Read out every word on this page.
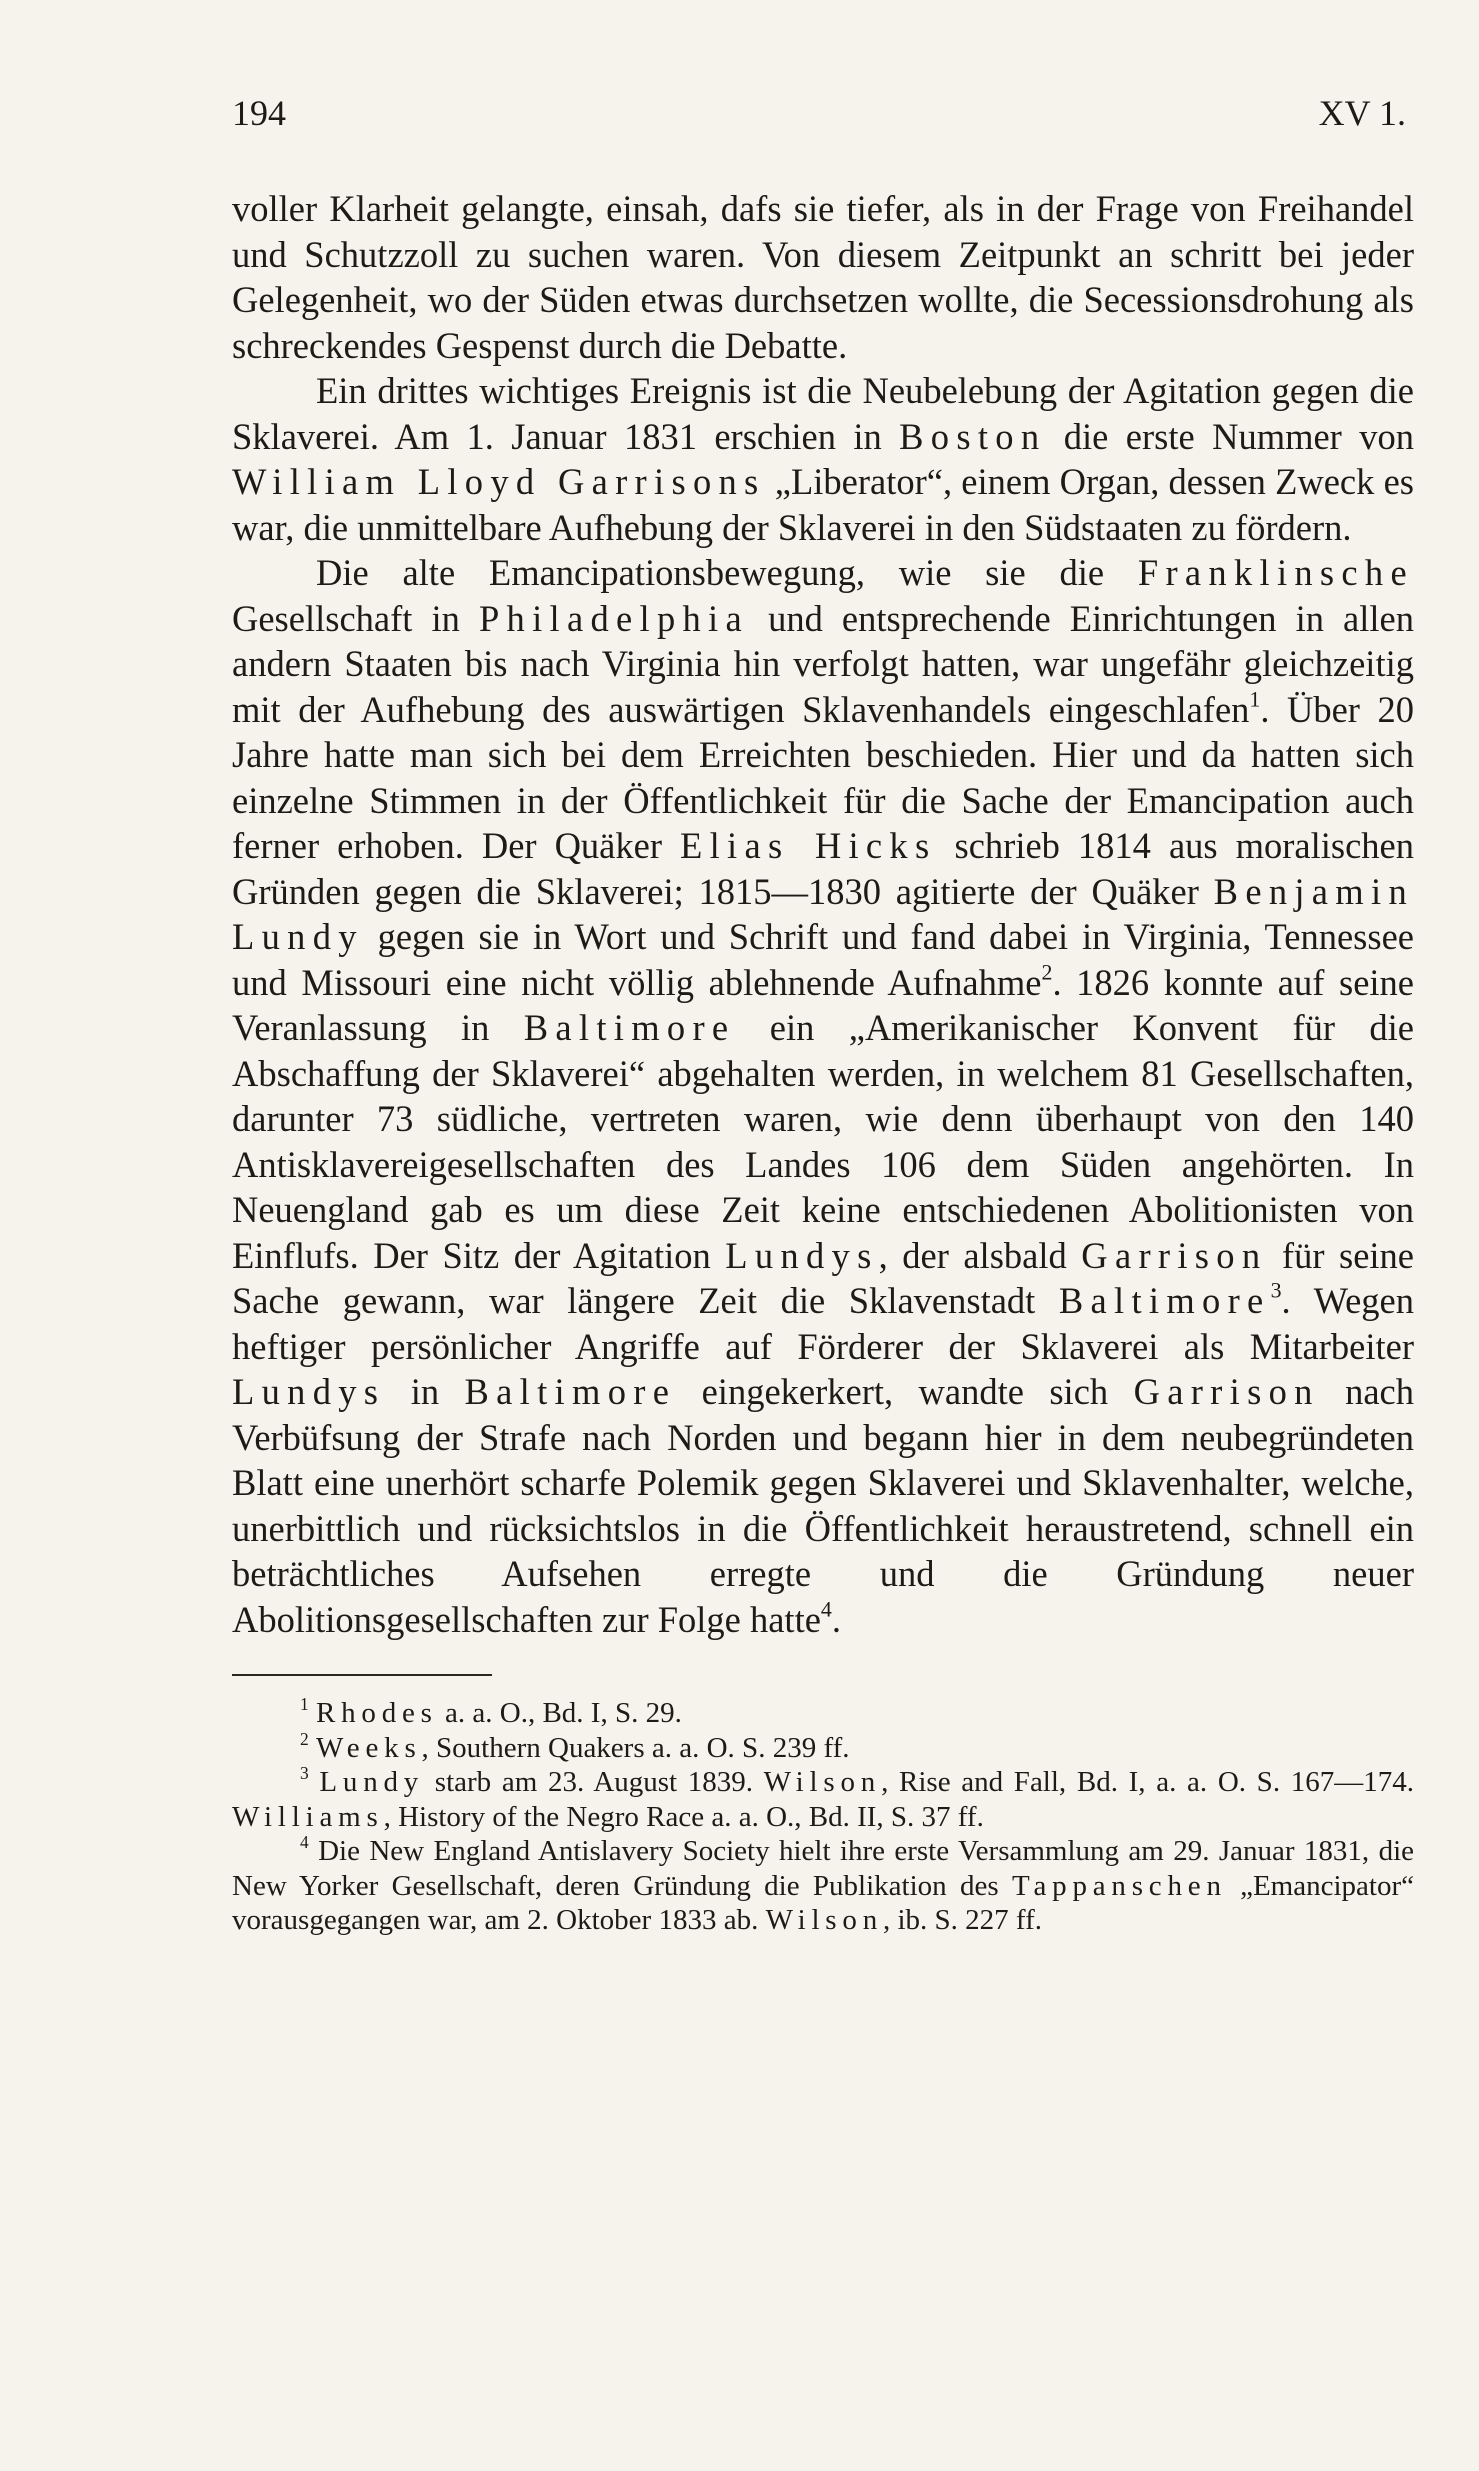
194	XV 1.

voller Klarheit gelangte, einsah, dafs sie tiefer, als in der Frage von Freihandel und Schutzzoll zu suchen waren. Von diesem Zeitpunkt an schritt bei jeder Gelegenheit, wo der Süden etwas durchsetzen wollte, die Secessionsdrohung als schreckendes Gespenst durch die Debatte.

Ein drittes wichtiges Ereignis ist die Neubelebung der Agitation gegen die Sklaverei. Am 1. Januar 1831 erschien in Boston die erste Nummer von William Lloyd Garrisons „Liberator“, einem Organ, dessen Zweck es war, die unmittelbare Aufhebung der Sklaverei in den Südstaaten zu fördern.

Die alte Emancipationsbewegung, wie sie die Franklinsche Gesellschaft in Philadelphia und entsprechende Einrichtungen in allen andern Staaten bis nach Virginia hin verfolgt hatten, war ungefähr gleichzeitig mit der Aufhebung des auswärtigen Sklavenhandels eingeschlafen$^1$. Über 20 Jahre hatte man sich bei dem Erreichten beschieden. Hier und da hatten sich einzelne Stimmen in der Öffentlichkeit für die Sache der Emancipation auch ferner erhoben. Der Quäker Elias Hicks schrieb 1814 aus moralischen Gründen gegen die Sklaverei; 1815—1830 agitierte der Quäker Benjamin Lundy gegen sie in Wort und Schrift und fand dabei in Virginia, Tennessee und Missouri eine nicht völlig ablehnende Aufnahme$^2$. 1826 konnte auf seine Veranlassung in Baltimore ein „Amerikanischer Konvent für die Abschaffung der Sklaverei“ abgehalten werden, in welchem 81 Gesellschaften, darunter 73 südliche, vertreten waren, wie denn überhaupt von den 140 Antisklavereigesellschaften des Landes 106 dem Süden angehörten. In Neuengland gab es um diese Zeit keine entschiedenen Abolitionisten von Einflufs. Der Sitz der Agitation Lundys, der alsbald Garrison für seine Sache gewann, war längere Zeit die Sklavenstadt Baltimore$^3$. Wegen heftiger persönlicher Angriffe auf Förderer der Sklaverei als Mitarbeiter Lundys in Baltimore eingekerkert, wandte sich Garrison nach Verbüfsung der Strafe nach Norden und begann hier in dem neubegründeten Blatt eine unerhört scharfe Polemik gegen Sklaverei und Sklavenhalter, welche, unerbittlich und rücksichtslos in die Öffentlichkeit heraustretend, schnell ein beträchtliches Aufsehen erregte und die Gründung neuer Abolitionsgesellschaften zur Folge hatte$^4$.

$^1$ Rhodes a. a. O., Bd. I, S. 29.

$^2$ Weeks, Southern Quakers a. a. O. S. 239 ff.

$^3$ Lundy starb am 23. August 1839. Wilson, Rise and Fall, Bd. I, a. a. O. S. 167—174. Williams, History of the Negro Race a. a. O., Bd. II, S. 37 ff.

$^4$ Die New England Antislavery Society hielt ihre erste Versammlung am 29. Januar 1831, die New Yorker Gesellschaft, deren Gründung die Publikation des Tappanschen „Emancipator“ vorausgegangen war, am 2. Oktober 1833 ab. Wilson, ib. S. 227 ff.
